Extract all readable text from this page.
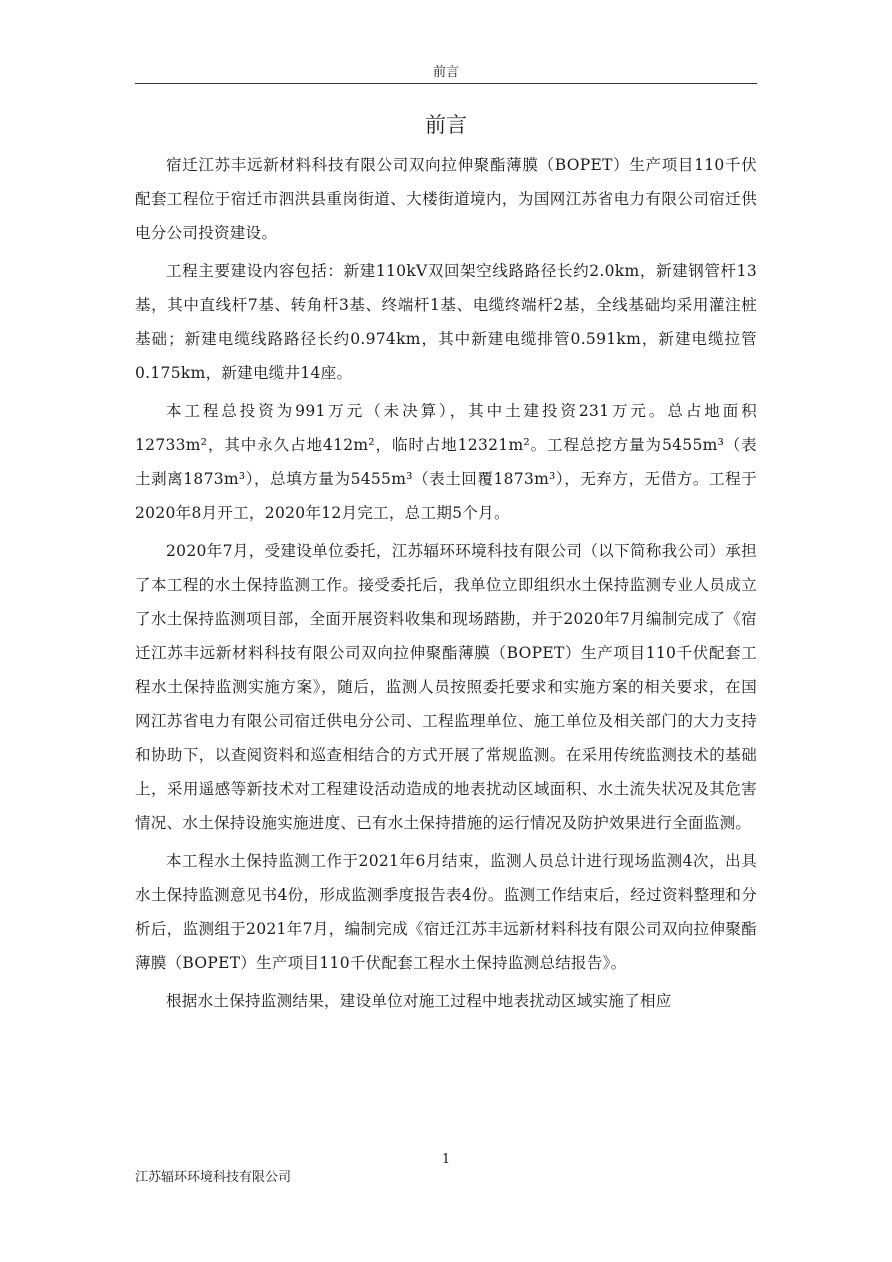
前言
前言

宿迁江苏丰远新材料科技有限公司双向拉伸聚酯薄膜（BOPET）生产项目110千伏配套工程位于宿迁市泗洪县重岗街道、大楼街道境内，为国网江苏省电力有限公司宿迁供电分公司投资建设。

工程主要建设内容包括：新建110kV双回架空线路路径长约2.0km，新建钢管杆13基，其中直线杆7基、转角杆3基、终端杆1基、电缆终端杆2基，全线基础均采用灌注桩基础；新建电缆线路路径长约0.974km，其中新建电缆排管0.591km，新建电缆拉管0.175km，新建电缆井14座。

本工程总投资为991万元（未决算），其中土建投资231万元。总占地面积12733m²，其中永久占地412m²，临时占地12321m²。工程总挖方量为5455m³（表土剥离1873m³），总填方量为5455m³（表土回覆1873m³），无弃方，无借方。工程于2020年8月开工，2020年12月完工，总工期5个月。

2020年7月，受建设单位委托，江苏辐环环境科技有限公司（以下简称我公司）承担了本工程的水土保持监测工作。接受委托后，我单位立即组织水土保持监测专业人员成立了水土保持监测项目部，全面开展资料收集和现场踏勘，并于2020年7月编制完成了《宿迁江苏丰远新材料科技有限公司双向拉伸聚酯薄膜（BOPET）生产项目110千伏配套工程水土保持监测实施方案》，随后，监测人员按照委托要求和实施方案的相关要求，在国网江苏省电力有限公司宿迁供电分公司、工程监理单位、施工单位及相关部门的大力支持和协助下，以查阅资料和巡查相结合的方式开展了常规监测。在采用传统监测技术的基础上，采用遥感等新技术对工程建设活动造成的地表扰动区域面积、水土流失状况及其危害情况、水土保持设施实施进度、已有水土保持措施的运行情况及防护效果进行全面监测。

本工程水土保持监测工作于2021年6月结束，监测人员总计进行现场监测4次，出具水土保持监测意见书4份，形成监测季度报告表4份。监测工作结束后，经过资料整理和分析后，监测组于2021年7月，编制完成《宿迁江苏丰远新材料科技有限公司双向拉伸聚酯薄膜（BOPET）生产项目110千伏配套工程水土保持监测总结报告》。

根据水土保持监测结果，建设单位对施工过程中地表扰动区域实施了相应

1
江苏辐环环境科技有限公司
